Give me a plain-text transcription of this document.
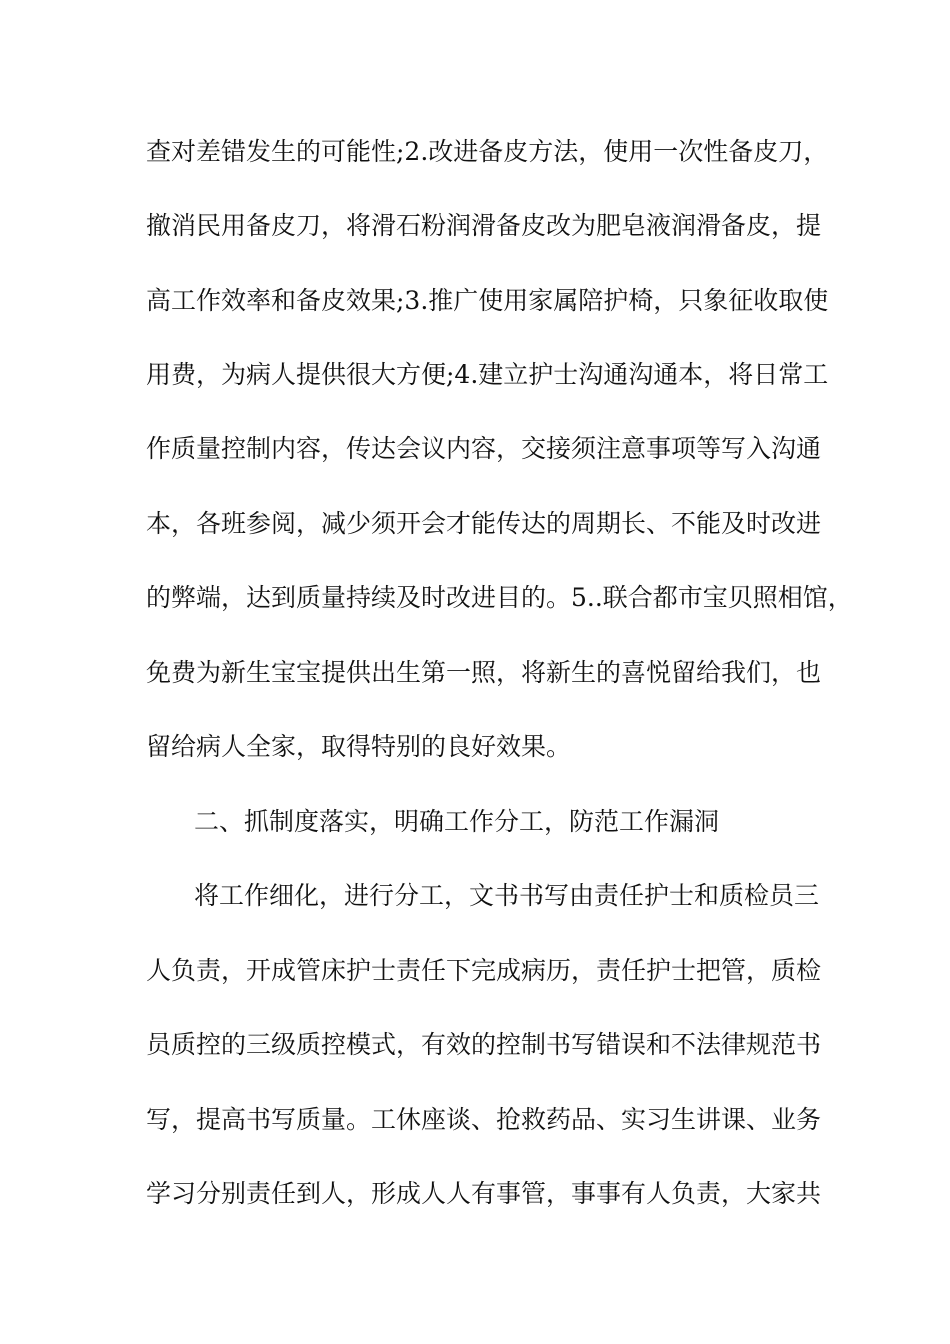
查对差错发生的可能性;2.改进备皮方法，使用一次性备皮刀，
撤消民用备皮刀，将滑石粉润滑备皮改为肥皂液润滑备皮，提
高工作效率和备皮效果;3.推广使用家属陪护椅，只象征收取使
用费，为病人提供很大方便;4.建立护士沟通沟通本，将日常工
作质量控制内容，传达会议内容，交接须注意事项等写入沟通
本，各班参阅，减少须开会才能传达的周期长、不能及时改进
的弊端，达到质量持续及时改进目的。5..联合都市宝贝照相馆，
免费为新生宝宝提供出生第一照，将新生的喜悦留给我们，也
留给病人全家，取得特别的良好效果。
二、抓制度落实，明确工作分工，防范工作漏洞
将工作细化，进行分工，文书书写由责任护士和质检员三
人负责，开成管床护士责任下完成病历，责任护士把管，质检
员质控的三级质控模式，有效的控制书写错误和不法律规范书
写，提高书写质量。工休座谈、抢救药品、实习生讲课、业务
学习分别责任到人，形成人人有事管，事事有人负责，大家共
